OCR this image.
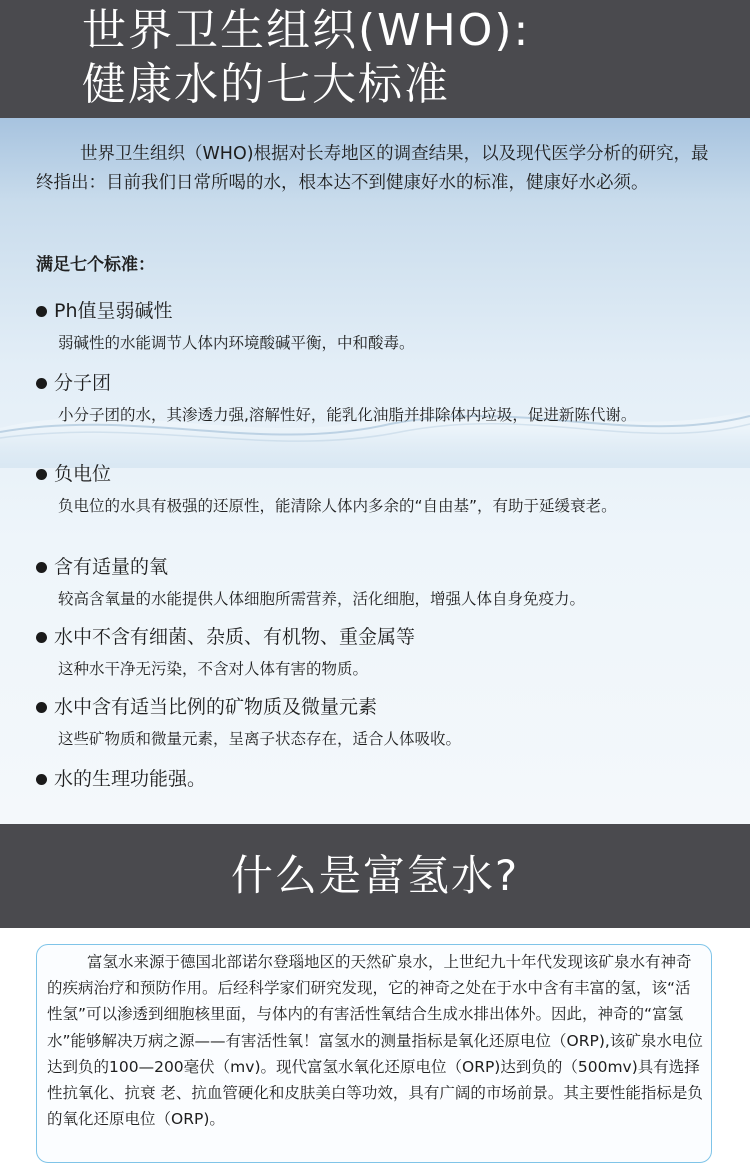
世界卫生组织(WHO):
健康水的七大标准

世界卫生组织（WHO)根据对长寿地区的调查结果，以及现代医学分析的研究，最终指出：目前我们日常所喝的水，根本达不到健康好水的标准，健康好水必须。

满足七个标准：

Ph值呈弱碱性
弱碱性的水能调节人体内环境酸碱平衡，中和酸毒。
分子团
小分子团的水，其渗透力强,溶解性好，能乳化油脂并排除体内垃圾，促进新陈代谢。
负电位
负电位的水具有极强的还原性，能清除人体内多余的“自由基”，有助于延缓衰老。
含有适量的氧
较高含氧量的水能提供人体细胞所需营养，活化细胞，增强人体自身免疫力。
水中不含有细菌、杂质、有机物、重金属等
这种水干净无污染，不含对人体有害的物质。
水中含有适当比例的矿物质及微量元素
这些矿物质和微量元素，呈离子状态存在，适合人体吸收。
水的生理功能强。
什么是富氢水?

富氢水来源于德国北部诺尔登瑙地区的天然矿泉水，上世纪九十年代发现该矿泉水有神奇的疾病治疗和预防作用。后经科学家们研究发现，它的神奇之处在于水中含有丰富的氢，该“活性氢”可以渗透到细胞核里面，与体内的有害活性氧结合生成水排出体外。因此，神奇的“富氢水”能够解决万病之源——有害活性氧！富氢水的测量指标是氧化还原电位（ORP),该矿泉水电位达到负的100—200毫伏（mv)。现代富氢水氧化还原电位（ORP)达到负的（500mv)具有选择性抗氧化、抗衰 老、抗血管硬化和皮肤美白等功效，具有广阔的市场前景。其主要性能指标是负的氧化还原电位（ORP)。
